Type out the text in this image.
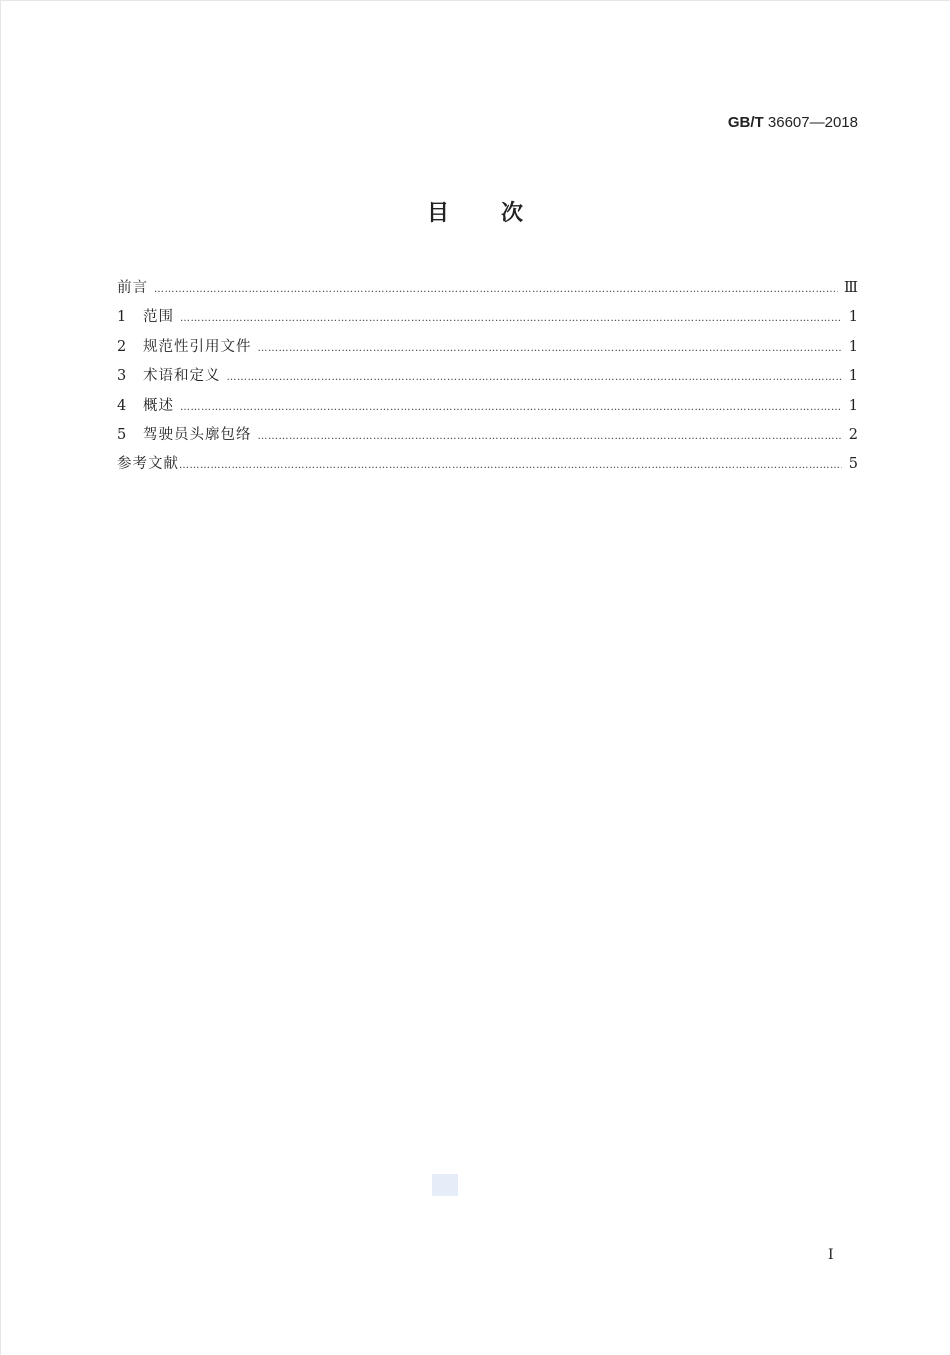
GB/T 36607—2018
目次
前言 ……………………………………………………………………………………………………………………………………………………………………………………………………………	Ⅲ
1	范围 ……………………………………………………………………………………………………………………………………………………………………………………………………………	1
2	规范性引用文件 ……………………………………………………………………………………………………………………………………………………………………………………………………………	1
3	术语和定义 ……………………………………………………………………………………………………………………………………………………………………………………………………………	1
4	概述 ……………………………………………………………………………………………………………………………………………………………………………………………………………	1
5	驾驶员头廓包络 ……………………………………………………………………………………………………………………………………………………………………………………………………………	2
参考文献 ……………………………………………………………………………………………………………………………………………………………………………………………………………	5
I
